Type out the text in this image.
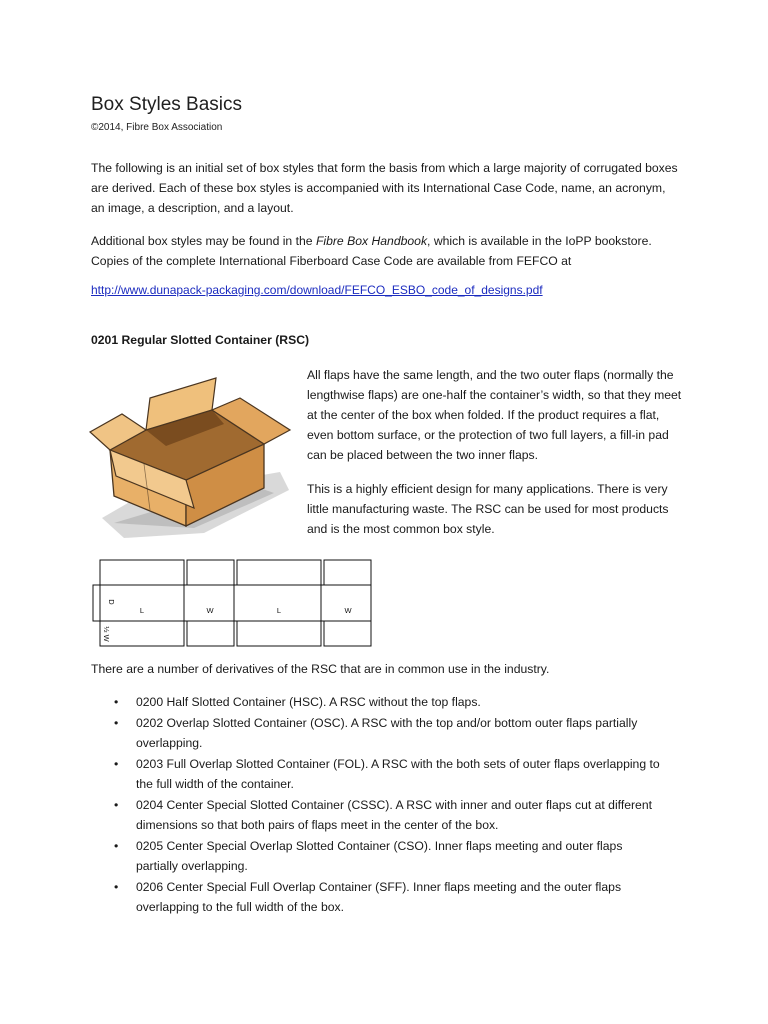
Box Styles Basics
©2014, Fibre Box Association

The following is an initial set of box styles that form the basis from which a large majority of corrugated boxes are derived. Each of these box styles is accompanied with its International Case Code, name, an acronym, an image, a description, and a layout.

Additional box styles may be found in the Fibre Box Handbook, which is available in the IoPP bookstore. Copies of the complete International Fiberboard Case Code are available from FEFCO at

http://www.dunapack-packaging.com/download/FEFCO_ESBO_code_of_designs.pdf
0201 Regular Slotted Container (RSC)

All flaps have the same length, and the two outer flaps (normally the lengthwise flaps) are one-half the container’s width, so that they meet at the center of the box when folded. If the product requires a flat, even bottom surface, or the protection of two full layers, a fill-in pad can be placed between the two inner flaps.

This is a highly efficient design for many applications. There is very little manufacturing waste. The RSC can be used for most products and is the most common box style.

D
½ W
L	W	L	W
There are a number of derivatives of the RSC that are in common use in the industry.
• 0200 Half Slotted Container (HSC). A RSC without the top flaps.
• 0202 Overlap Slotted Container (OSC). A RSC with the top and/or bottom outer flaps partially overlapping.
• 0203 Full Overlap Slotted Container (FOL). A RSC with the both sets of outer flaps overlapping to the full width of the container.
• 0204 Center Special Slotted Container (CSSC). A RSC with inner and outer flaps cut at different dimensions so that both pairs of flaps meet in the center of the box.
• 0205 Center Special Overlap Slotted Container (CSO). Inner flaps meeting and outer flaps partially overlapping.
• 0206 Center Special Full Overlap Container (SFF). Inner flaps meeting and the outer flaps overlapping to the full width of the box.
